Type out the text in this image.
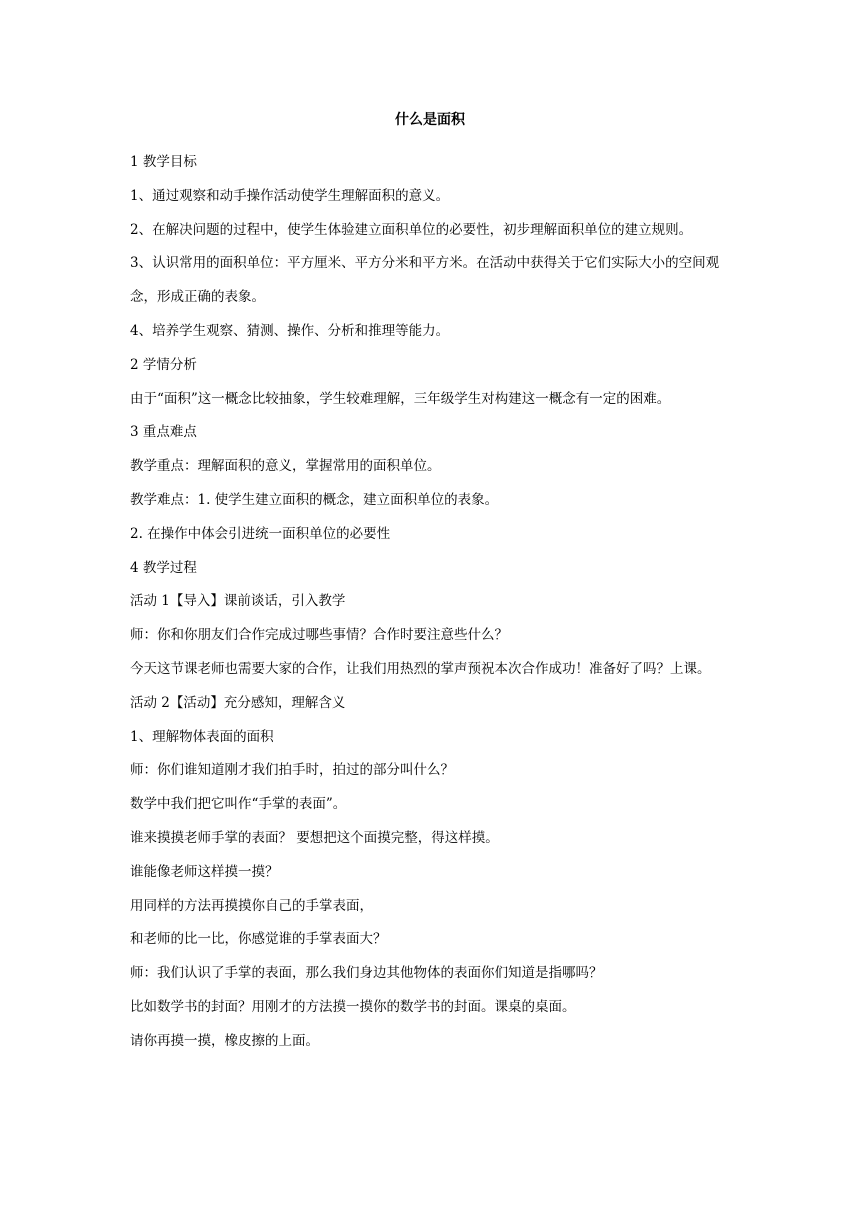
什么是面积

1 教学目标

1、通过观察和动手操作活动使学生理解面积的意义。

2、在解决问题的过程中，使学生体验建立面积单位的必要性，初步理解面积单位的建立规则。

3、认识常用的面积单位：平方厘米、平方分米和平方米。在活动中获得关于它们实际大小的空间观念，形成正确的表象。

4、培养学生观察、猜测、操作、分析和推理等能力。

2 学情分析

由于“面积”这一概念比较抽象，学生较难理解，三年级学生对构建这一概念有一定的困难。

3 重点难点

教学重点：理解面积的意义，掌握常用的面积单位。

教学难点：1. 使学生建立面积的概念，建立面积单位的表象。

2. 在操作中体会引进统一面积单位的必要性

4 教学过程

活动 1【导入】课前谈话，引入教学

师：你和你朋友们合作完成过哪些事情？合作时要注意些什么？

今天这节课老师也需要大家的合作，让我们用热烈的掌声预祝本次合作成功！准备好了吗？上课。

活动 2【活动】充分感知，理解含义

1、理解物体表面的面积

师：你们谁知道刚才我们拍手时，拍过的部分叫什么？

数学中我们把它叫作“手掌的表面”。

谁来摸摸老师手掌的表面？ 要想把这个面摸完整，得这样摸。

谁能像老师这样摸一摸？

用同样的方法再摸摸你自己的手掌表面，

和老师的比一比，你感觉谁的手掌表面大？

师：我们认识了手掌的表面，那么我们身边其他物体的表面你们知道是指哪吗？

比如数学书的封面？用刚才的方法摸一摸你的数学书的封面。课桌的桌面。

请你再摸一摸，橡皮擦的上面。
